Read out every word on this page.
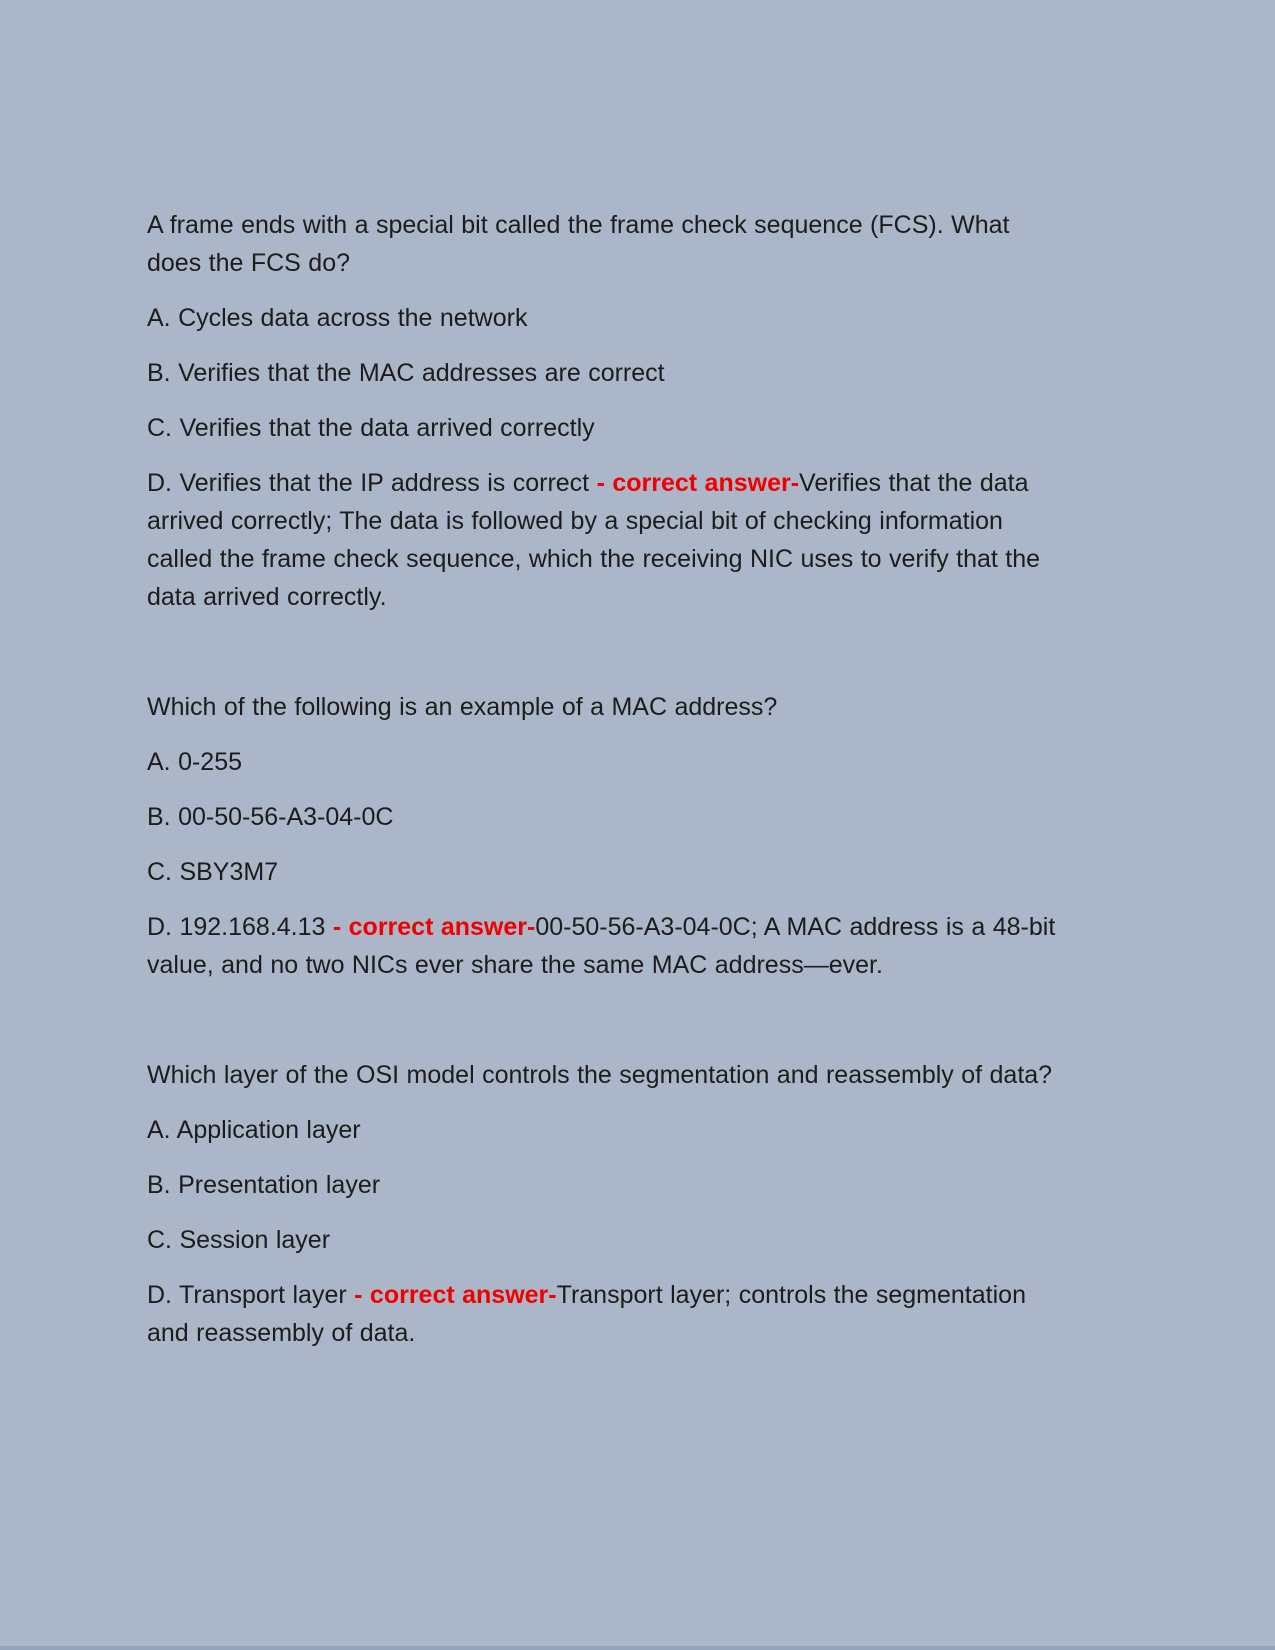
A frame ends with a special bit called the frame check sequence (FCS). What does the FCS do?

A. Cycles data across the network

B. Verifies that the MAC addresses are correct

C. Verifies that the data arrived correctly

D. Verifies that the IP address is correct - correct answer-Verifies that the data arrived correctly; The data is followed by a special bit of checking information called the frame check sequence, which the receiving NIC uses to verify that the data arrived correctly.

Which of the following is an example of a MAC address?

A. 0-255

B. 00-50-56-A3-04-0C

C. SBY3M7

D. 192.168.4.13 - correct answer-00-50-56-A3-04-0C; A MAC address is a 48-bit value, and no two NICs ever share the same MAC address—ever.

Which layer of the OSI model controls the segmentation and reassembly of data?

A. Application layer

B. Presentation layer

C. Session layer

D. Transport layer - correct answer-Transport layer; controls the segmentation and reassembly of data.
